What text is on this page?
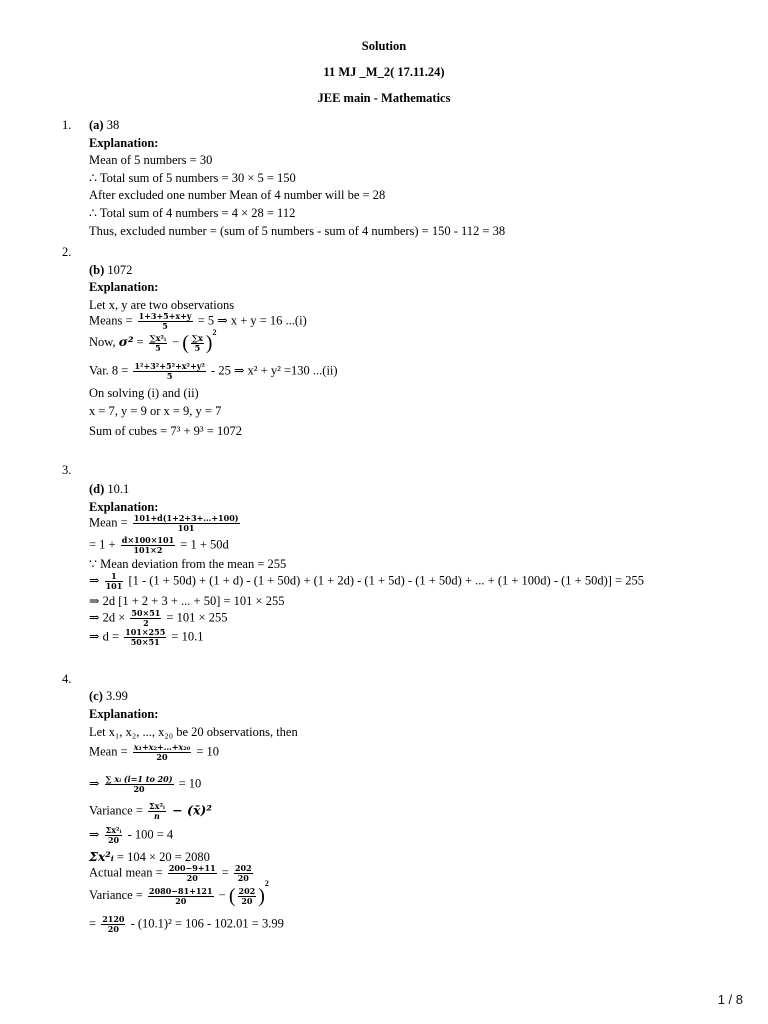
Solution
11 MJ _M_2( 17.11.24)
JEE main - Mathematics
1. (a) 38
Explanation:
Mean of 5 numbers = 30
∴ Total sum of 5 numbers = 30 × 5 = 150
After excluded one number Mean of 4 number will be = 28
∴ Total sum of 4 numbers = 4 × 28 = 112
Thus, excluded number = (sum of 5 numbers - sum of 4 numbers) = 150 - 112 = 38
2.
(b) 1072
Explanation:
Let x, y are two observations
Means = $\frac{1+3+5+x+y}{5} = 5$ ⇒ x + y = 16 ...(i)
Now, $\sigma^2 = \frac{\text{∑x²ᵢ}}{5}$ − ( $\frac{\sum x}{5} )^2$
Var. $8 = \frac{\text{1²+3²+5²+x²+y²}}{5} - 25$ ⇒ x² + y² =130 ...(ii)
On solving (i) and (ii)
x = 7, y = 9 or x = 9, y = 7
Sum of cubes = 7³ + 9³ = 1072
3.
(d) 10.1
Explanation:
Mean = $\frac{101+d(1+2+3+\dots+100)}{101}$
= $1 + \frac{d\times 100\times 101}{101\times 2} = 1 + 50d$
∵ Mean deviation from the mean = 255
⇒ $\frac{1}{101} [1 - (1 + 50d) + (1 + d) - (1 + 50d) + (1 + 2d) - (1 + 5d) - (1 + 50d)$ + ... + (1 + 100d) - (1 + 50d)] = 255
⇒ 2d [1 + 2 + 3 + ... + 50] = 101 × 255
⇒ $2d \times \frac{50\times 51}{2} = 101 \times 255$
⇒ $d = \frac{101\times 255}{50\times 51} = 10.1$
4.
(c) 3.99
Explanation:
Let x₁, x₂, ..., x₂₀ be 20 observations, then
Mean = $\frac{\text{x₁+x₂+…+x₂₀}}{20} = 10$
⇒ $\frac{\text{∑ xᵢ (i=1 to 20)}}{20} = 10$
Variance = $\frac{\text{Σx²ᵢ}}{n}$ − (x̄)²
⇒ $\frac{\text{Σx²ᵢ}}{20} - 100 = 4$
Σx²ᵢ = 104 × 20 = 2080
Actual mean = $\frac{200-9+11}{20} = \frac{202}{20}$
Variance = $\frac{2080-81+121}{20}$ − ( $\frac{202}{20} )^2$
= $\frac{2120}{20} - (10.1)^2 = 106 - 102.01 = 3.99$
1 / 8
